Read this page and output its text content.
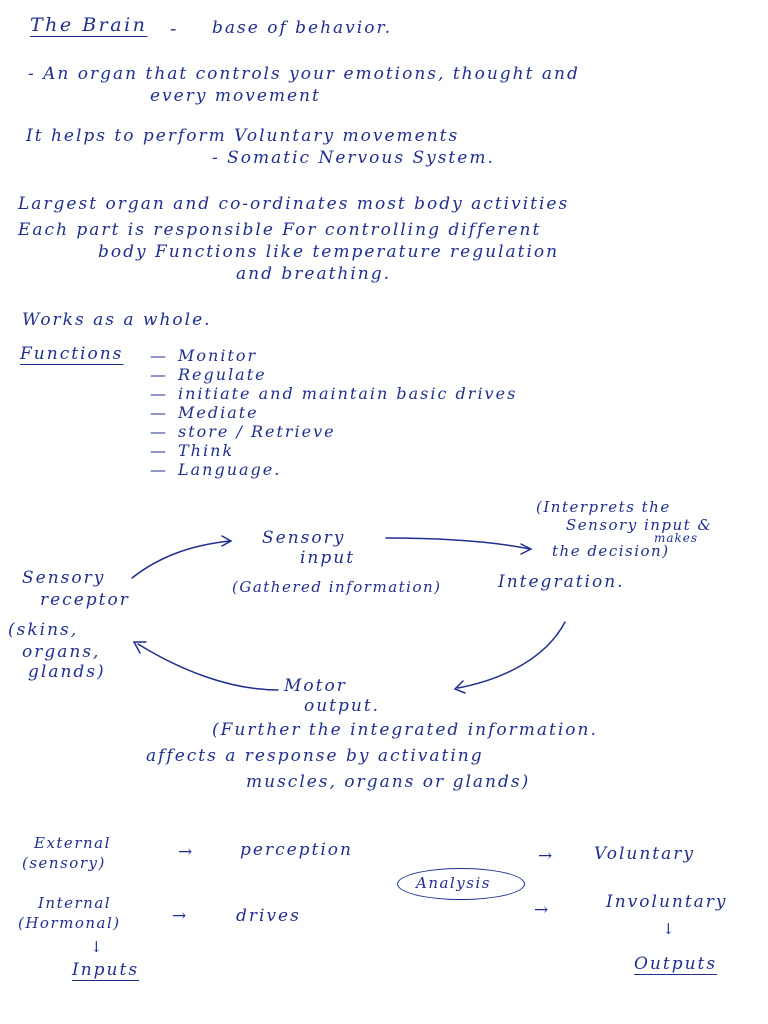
The Brain - base of behavior.
- An organ that controls your emotions, thought and
every movement
It helps to perform Voluntary movements
- Somatic Nervous System.
Largest organ and co-ordinates most body activities
Each part is responsible For controlling different
body Functions like temperature regulation
and breathing.
Works as a whole.
Functions — Monitor
— Regulate
— initiate and maintain basic drives
— Mediate
— store / Retrieve
— Think
— Language.
Sensory
input
(Gathered information)
(Interprets the
Sensory input &
makes
the decision)
Integration.
Sensory
receptor
(skins,
organs,
glands)
Motor
output.
(Further the integrated information.
affects a response by activating
muscles, organs or glands)
External
(sensory)
→	perception
Analysis
→ Voluntary
Internal
(Hormonal)	→	drives	→	Involuntary
↓
Inputs
↓
Outputs
